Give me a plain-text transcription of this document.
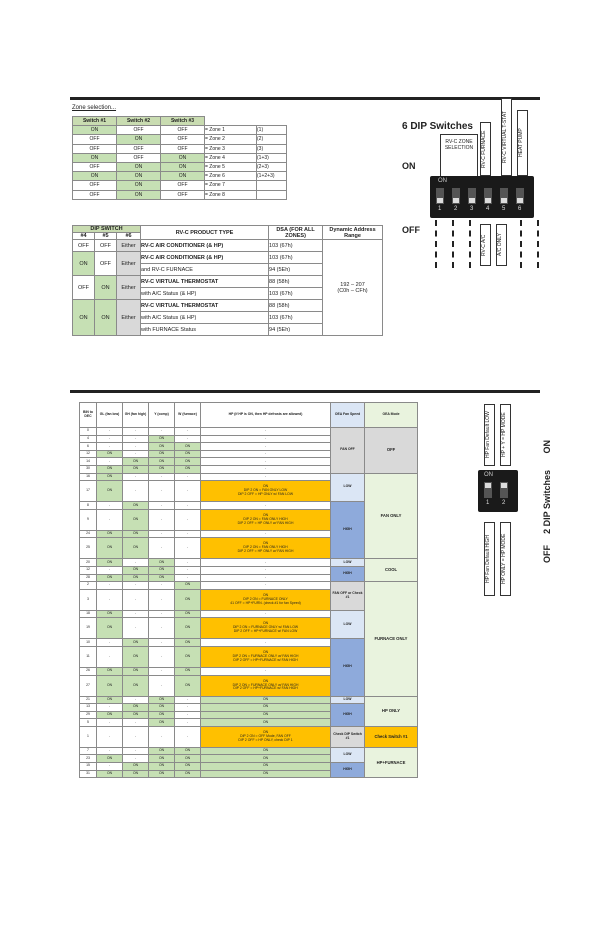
Zone selection...
Switch #1	Switch #2	Switch #3		
ON	OFF	OFF	= Zone 1	(1)
OFF	ON	OFF	= Zone 2	(2)
OFF	OFF	OFF	= Zone 3	(3)
ON	OFF	ON	= Zone 4	(1+3)
OFF	ON	ON	= Zone 5	(2+3)
ON	ON	ON	= Zone 6	(1+2+3)
OFF	ON	OFF	= Zone 7	
OFF	ON	OFF	= Zone 8	
DIP SWITCH			RV-C PRODUCT TYPE	DSA (FOR ALL ZONES)	Dynamic Address Range
#4	#5	#6			
OFF	OFF	Either	RV-C AIR CONDITIONER (& HP)	103 (67h)	192 – 207
(C0h – CFh)

ON	OFF	Either	RV-C AIR CONDITIONER (& HP)	103 (67h)	
			and RV-C FURNACE	94 (5Eh)	
OFF	ON	Either	RV-C VIRTUAL THERMOSTAT	88 (58h)	
			with A/C Status (& HP)	103 (67h)	
ON	ON	Either	RV-C VIRTUAL THERMOSTAT	88 (58h)	
			with A/C Status (& HP)	103 (67h)	
			with FURNACE Status	94 (5Eh)	
6 DIP Switches
ON
OFF
RV-C ZONE SELECTION	RV-C FURNACE	RV-C VIRTUAL T-STAT	HEAT PUMP
ON
1 2 3 4 5 6
RV-C A/C	A/C ONLY
BIN to DEC	GL (fan low)	GH (fan high)	Y (comp)	W (furnace)	HP (if HP is ON, then HP defrosts are allowed)	OEA Fan Speed	OEA Mode
0	-	-	-	-	-	FAN OFF	OFF
4	-	-	ON	-	-		
6	-	-	ON	ON	-		
12	ON	-	ON	ON	-		
14	-	ON	ON	ON	-		
30	ON	ON	ON	ON	-		
16	ON	-	-	-	-	LOW	FAN ONLY
17	ON	-	-	-	ON
DIP 2 ON = FAN ONLY LOW
DIP 2 OFF = HP ONLY w/ FAN LOW		

8	-	ON	-	-	-	HIGH	
9	-	ON	-	-	ON
DIP 2 ON = FAN ONLY HIGH
DIP 2 OFF = HP ONLY w/ FAN HIGH		

24	ON	ON	-	-	-		
25	ON	ON	-	-	ON
DIP 2 ON = FAN ONLY HIGH
DIP 2 OFF = HP ONLY w/ FAN HIGH		

20	ON	-	ON	-	-	LOW	COOL
12	-	ON	ON	-	-	HIGH	
28	ON	ON	ON	-	-		
2	-	-	-	ON	-	FAN OFF or Check #1	FURNACE ONLY
3	-	-	-	ON	ON
DIP 2 ON = FURNACE ONLY
41 OFF = HP+FURN. (check #1 for fan Speed)		

18	ON	-	-	ON	-	LOW	
19	ON	-	-	ON	ON
DIP 2 ON = FURNACE ONLY w/ FAN LOW
DIP 2 OFF = HP+FURNACE w/ FAN LOW		

10	-	ON	-	ON	-	HIGH	
11	-	ON	-	ON	ON
DIP 2 ON = FURNACE ONLY w/ FAN HIGH
DIP 2 OFF = HP+FURNACE w/ FAN HIGH		

26	ON	ON	-	ON	-		
27	ON	ON	-	ON	ON
DIP 2 ON = FURNACE ONLY w/ FAN HIGH
DIP 2 OFF = HP+FURNACE w/ FAN HIGH		

21	ON	-	ON	-	ON	LOW	HP ONLY
13	-	ON	ON	-	ON	HIGH	
29	ON	ON	ON	-	ON		
5	-	-	ON	-	ON		
1	-	-	-	-	ON
DIP 2 ON = OFF Mode, FAN OFF
DIP 2 OFF = HP ONLY, check DIP 1	Check DIP Switch #1	Check Switch #1
7	-	-	ON	ON	ON	LOW	HP+FURNACE
23	ON	-	ON	ON	ON		
15	-	ON	ON	ON	ON	HIGH	
31	ON	ON	ON	ON	ON		
ON
2 DIP Switches
OFF
HP Fan Default LOW	HP + Y = HP MODE
ON
1 2
HP Fan Default HIGH	HP ONLY = HP MODE
